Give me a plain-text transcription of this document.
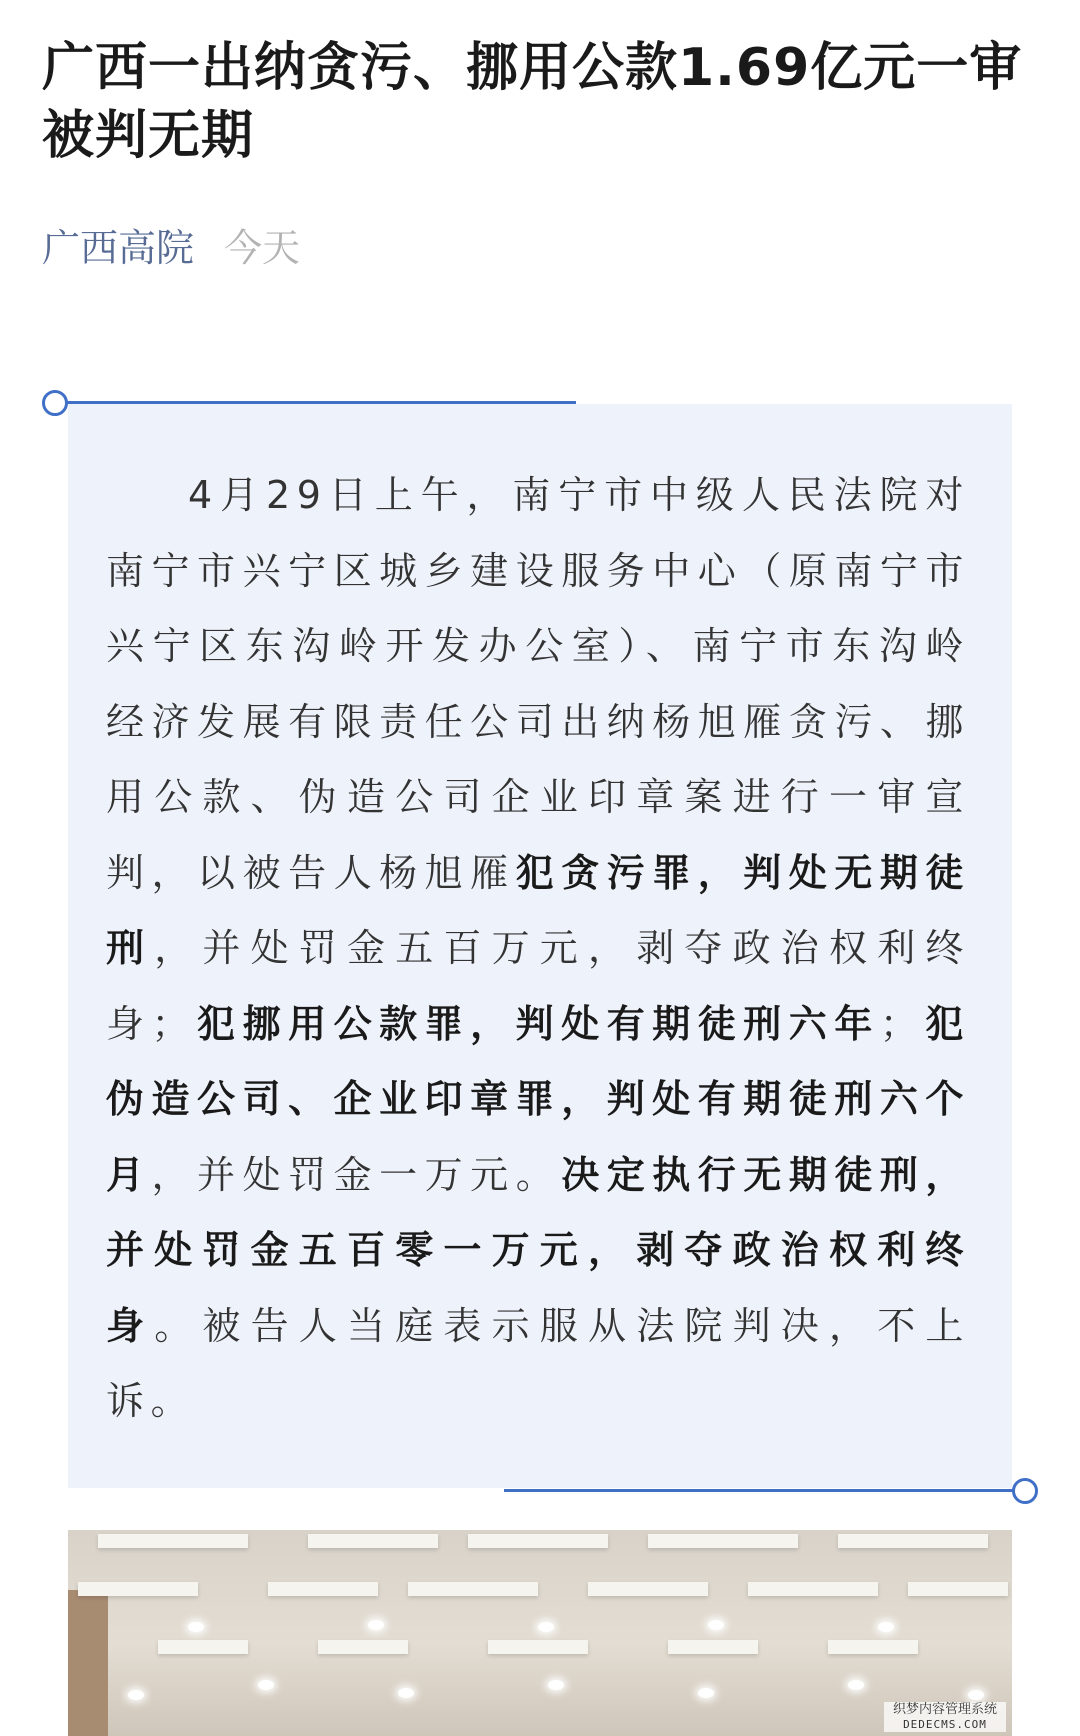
广西一出纳贪污、挪用公款1.69亿元一审被判无期
广西高院 今天

4月29日上午，南宁市中级人民法院对南宁市兴宁区城乡建设服务中心（原南宁市兴宁区东沟岭开发办公室）、南宁市东沟岭经济发展有限责任公司出纳杨旭雁贪污、挪用公款、伪造公司企业印章案进行一审宣判，以被告人杨旭雁犯贪污罪，判处无期徒刑，并处罚金五百万元，剥夺政治权利终身；犯挪用公款罪，判处有期徒刑六年；犯伪造公司、企业印章罪，判处有期徒刑六个月，并处罚金一万元。决定执行无期徒刑，并处罚金五百零一万元，剥夺政治权利终身。被告人当庭表示服从法院判决，不上诉。

织梦内容管理系统
DEDECMS.COM
